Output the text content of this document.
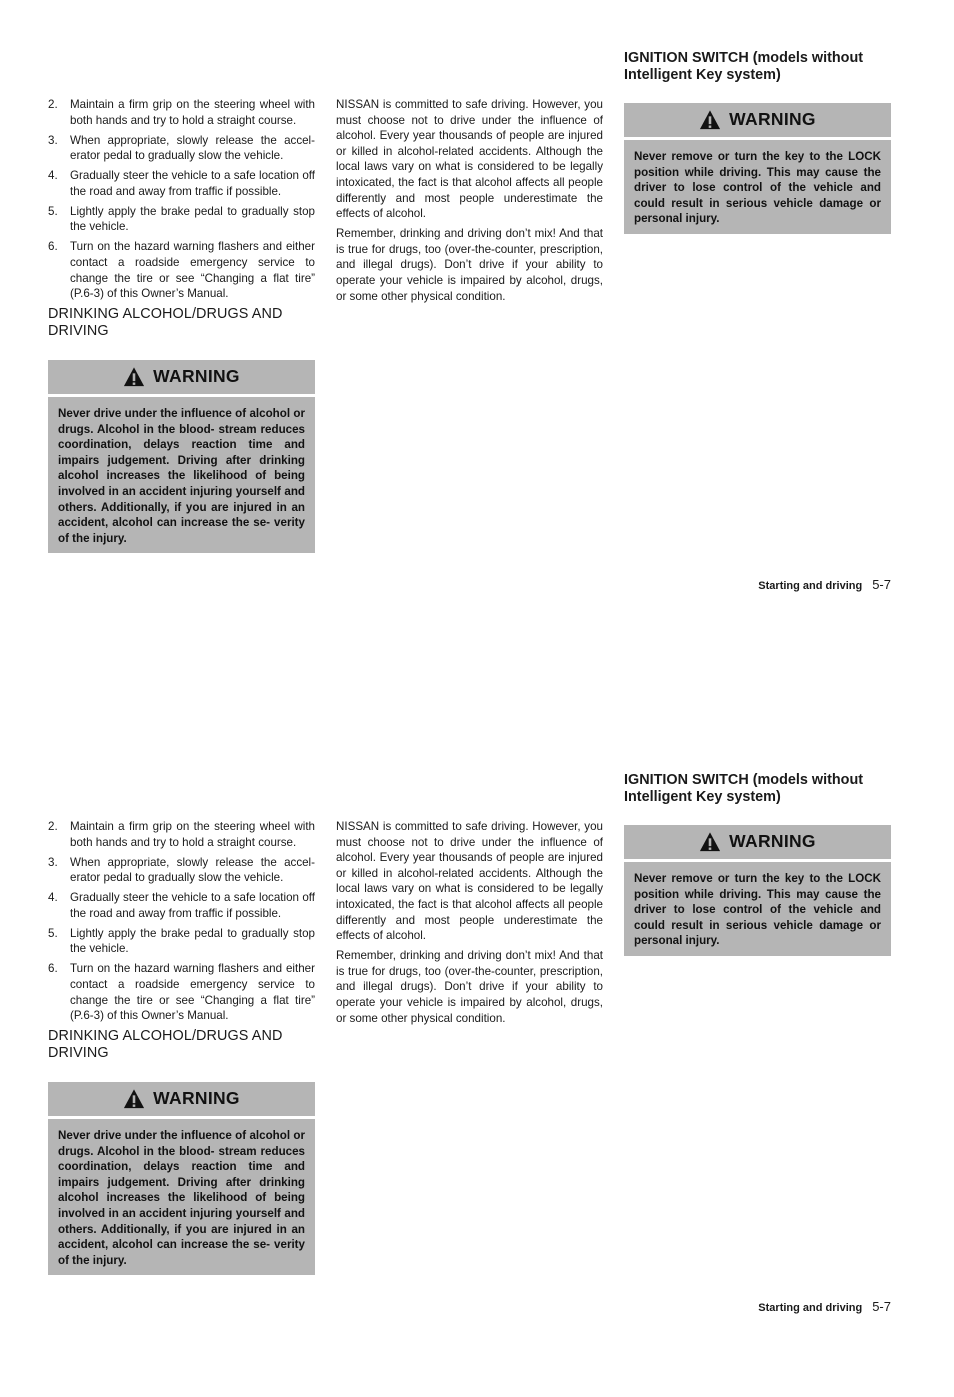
2.	Maintain a firm grip on the steering wheel with both hands and try to hold a straight course.
3.	When appropriate, slowly release the accel- erator pedal to gradually slow the vehicle.
4.	Gradually steer the vehicle to a safe location off the road and away from traffic if possible.
5.	Lightly apply the brake pedal to gradually stop the vehicle.
6.	Turn on the hazard warning flashers and either contact a roadside emergency service to change the tire or see “Changing a flat tire” (P.6-3) of this Owner’s Manual.
DRINKING ALCOHOL/DRUGS AND DRIVING
WARNING
Never drive under the influence of alcohol or drugs. Alcohol in the blood- stream reduces coordination, delays reaction time and impairs judgement. Driving after drinking alcohol increases the likelihood of being involved in an accident injuring yourself and others. Additionally, if you are injured in an accident, alcohol can increase the se- verity of the injury.

NISSAN is committed to safe driving. However, you must choose not to drive under the influence of alcohol. Every year thousands of people are injured or killed in alcohol-related accidents. Although the local laws vary on what is considered to be legally intoxicated, the fact is that alcohol affects all people differently and most people underestimate the effects of alcohol.

Remember, drinking and driving don’t mix! And that is true for drugs, too (over-the-counter, prescription, and illegal drugs). Don’t drive if your ability to operate your vehicle is impaired by alcohol, drugs, or some other physical condition.

IGNITION SWITCH (models without Intelligent Key system)
WARNING
Never remove or turn the key to the LOCK position while driving. This may cause the driver to lose control of the vehicle and could result in serious vehicle damage or personal injury.
Starting and driving 5-7
2.	Maintain a firm grip on the steering wheel with both hands and try to hold a straight course.
3.	When appropriate, slowly release the accel- erator pedal to gradually slow the vehicle.
4.	Gradually steer the vehicle to a safe location off the road and away from traffic if possible.
5.	Lightly apply the brake pedal to gradually stop the vehicle.
6.	Turn on the hazard warning flashers and either contact a roadside emergency service to change the tire or see “Changing a flat tire” (P.6-3) of this Owner’s Manual.
DRINKING ALCOHOL/DRUGS AND DRIVING
WARNING
Never drive under the influence of alcohol or drugs. Alcohol in the blood- stream reduces coordination, delays reaction time and impairs judgement. Driving after drinking alcohol increases the likelihood of being involved in an accident injuring yourself and others. Additionally, if you are injured in an accident, alcohol can increase the se- verity of the injury.

NISSAN is committed to safe driving. However, you must choose not to drive under the influence of alcohol. Every year thousands of people are injured or killed in alcohol-related accidents. Although the local laws vary on what is considered to be legally intoxicated, the fact is that alcohol affects all people differently and most people underestimate the effects of alcohol.

Remember, drinking and driving don’t mix! And that is true for drugs, too (over-the-counter, prescription, and illegal drugs). Don’t drive if your ability to operate your vehicle is impaired by alcohol, drugs, or some other physical condition.

IGNITION SWITCH (models without Intelligent Key system)
WARNING
Never remove or turn the key to the LOCK position while driving. This may cause the driver to lose control of the vehicle and could result in serious vehicle damage or personal injury.
Starting and driving 5-7
